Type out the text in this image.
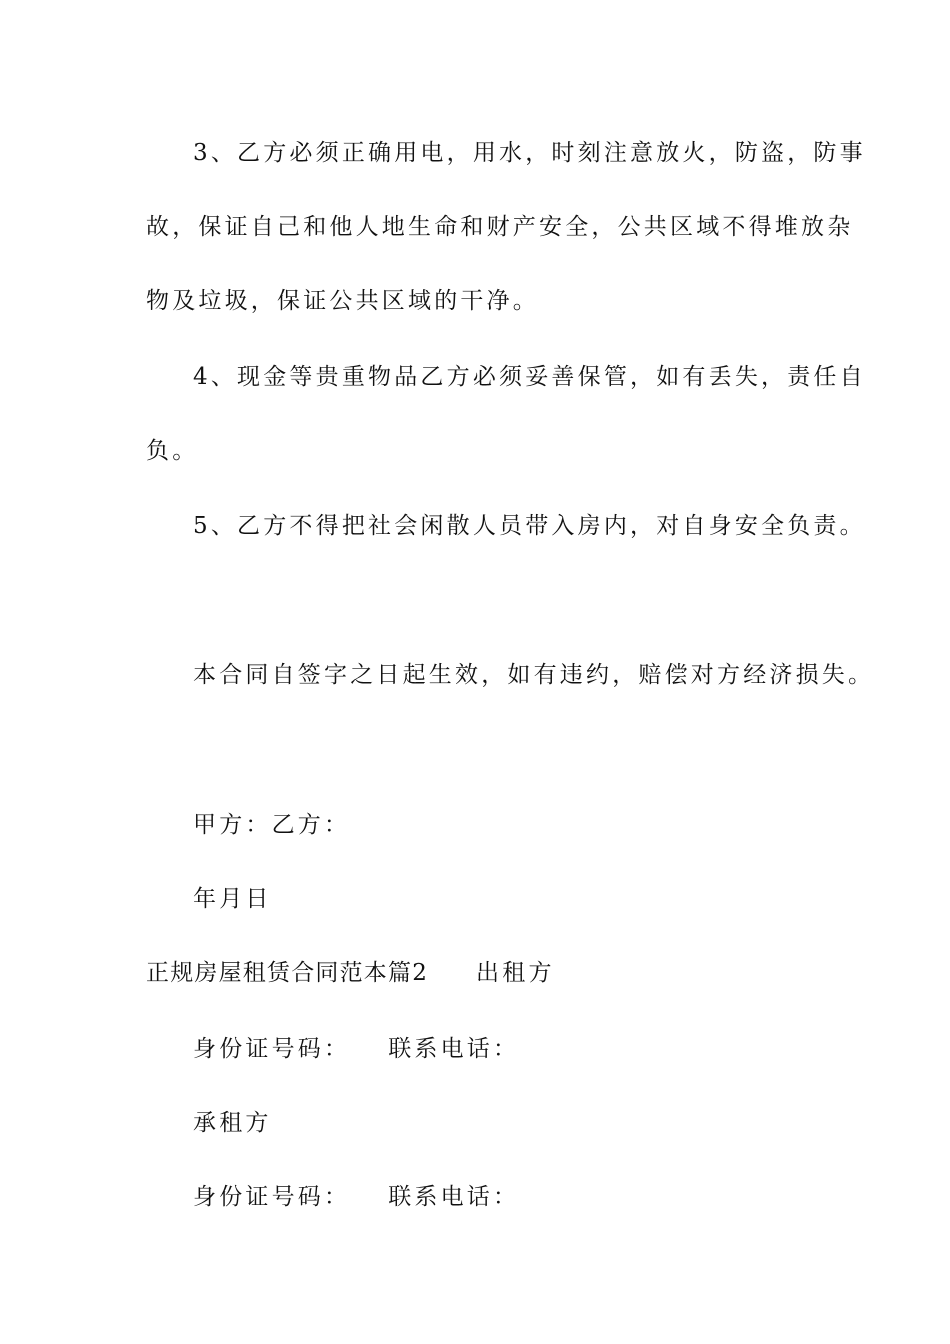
3、乙方必须正确用电，用水，时刻注意放火，防盗，防事
故，保证自己和他人地生命和财产安全，公共区域不得堆放杂
物及垃圾，保证公共区域的干净。
4、现金等贵重物品乙方必须妥善保管，如有丢失，责任自
负。
5、乙方不得把社会闲散人员带入房内，对自身安全负责。
本合同自签字之日起生效，如有违约，赔偿对方经济损失。
甲方：乙方：
年月日
正规房屋租赁合同范本篇2 出租方
身份证号码： 联系电话：
承租方
身份证号码： 联系电话：
